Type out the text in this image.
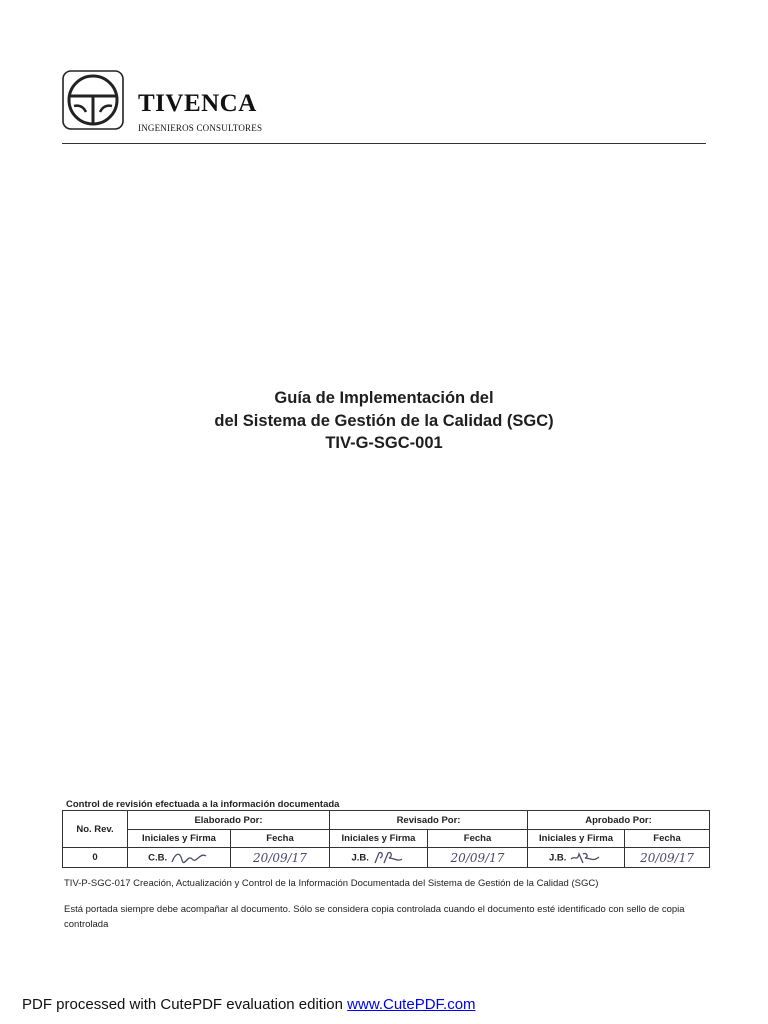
TIVENCA
INGENIEROS CONSULTORES
Guía de Implementación del
del Sistema de Gestión de la Calidad (SGC)
TIV-G-SGC-001
Control de revisión efectuada a la información documentada
No. Rev.	Elaborado Por:		Revisado Por:		Aprobado Por:	
	Iniciales y Firma	Fecha	Iniciales y Firma	Fecha	Iniciales y Firma	Fecha
0	C.B.	20/09/17	J.B.	20/09/17	J.B.	20/09/17
TIV-P-SGC-017 Creación, Actualización y Control de la Información Documentada del Sistema de Gestión de la Calidad (SGC)
Está portada siempre debe acompañar al documento. Sólo se considera copia controlada cuando el documento esté identificado con sello de copia controlada
PDF processed with CutePDF evaluation edition www.CutePDF.com
